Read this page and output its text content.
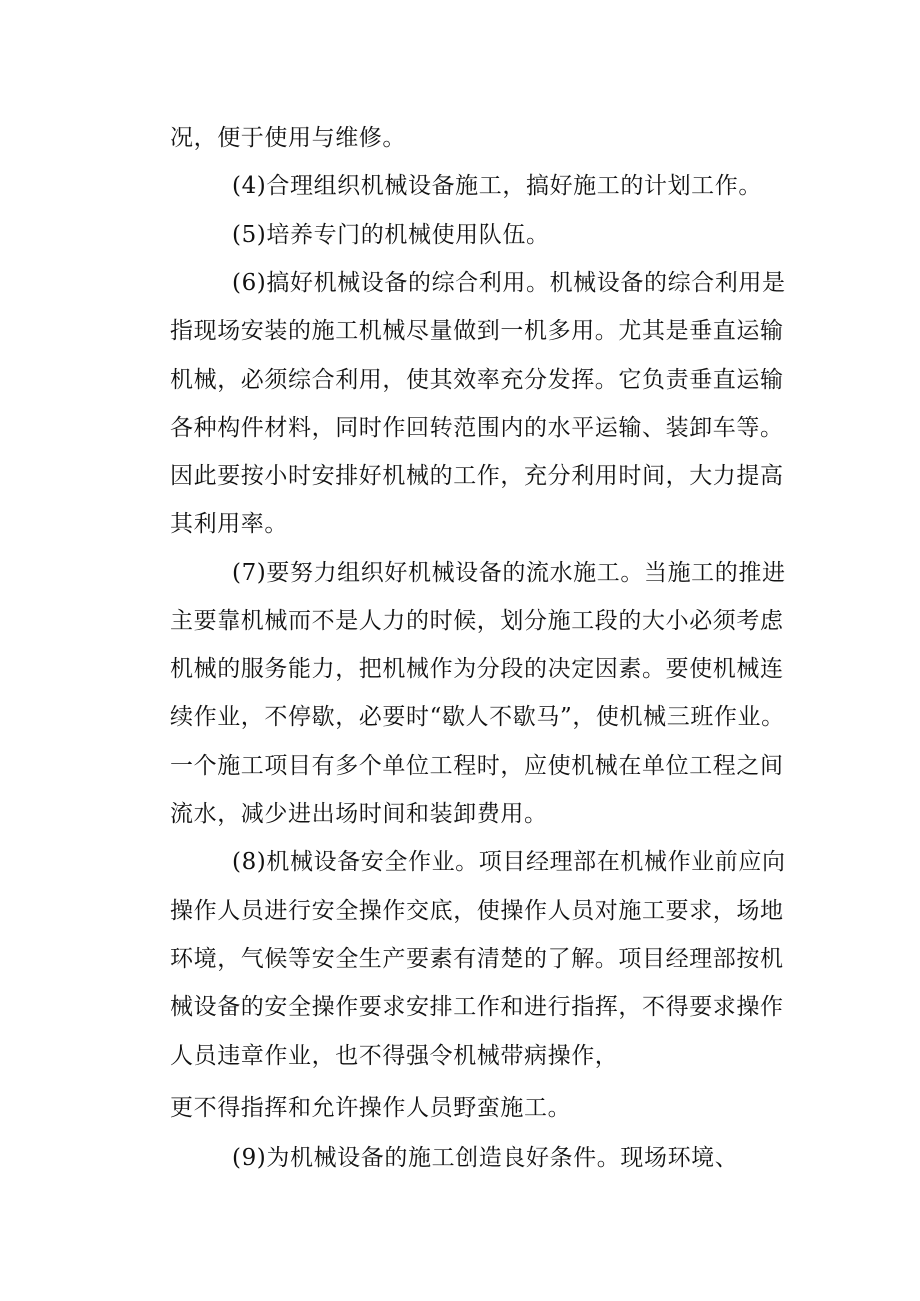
况，便于使用与维修。
(4)合理组织机械设备施工，搞好施工的计划工作。
(5)培养专门的机械使用队伍。
(6)搞好机械设备的综合利用。机械设备的综合利用是
指现场安装的施工机械尽量做到一机多用。尤其是垂直运输
机械，必须综合利用，使其效率充分发挥。它负责垂直运输
各种构件材料，同时作回转范围内的水平运输、装卸车等。
因此要按小时安排好机械的工作，充分利用时间，大力提高
其利用率。
(7)要努力组织好机械设备的流水施工。当施工的推进
主要靠机械而不是人力的时候，划分施工段的大小必须考虑
机械的服务能力，把机械作为分段的决定因素。要使机械连
续作业，不停歇，必要时“歇人不歇马”，使机械三班作业。
一个施工项目有多个单位工程时，应使机械在单位工程之间
流水，减少进出场时间和装卸费用。
(8)机械设备安全作业。项目经理部在机械作业前应向
操作人员进行安全操作交底，使操作人员对施工要求，场地
环境，气候等安全生产要素有清楚的了解。项目经理部按机
械设备的安全操作要求安排工作和进行指挥，不得要求操作
人员违章作业，也不得强令机械带病操作，
更不得指挥和允许操作人员野蛮施工。
(9)为机械设备的施工创造良好条件。现场环境、
